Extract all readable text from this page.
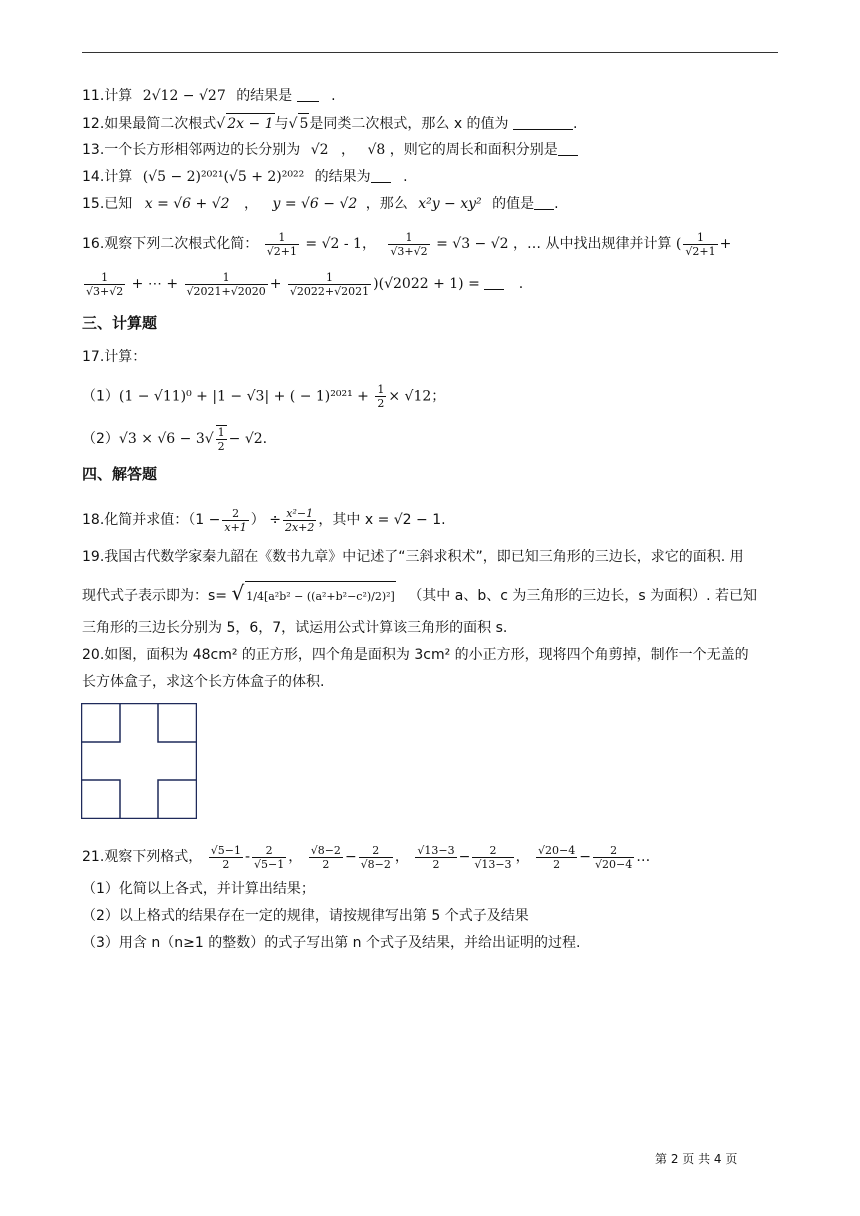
11.计算 2√12 − √27 的结果是	.
12.如果最简二次根式√ 2x − 1与√ 5是同类二次根式，那么 x 的值为	.
13.一个长方形相邻两边的长分别为 √2 ， √8 ，则它的周长和面积分别是
14.计算 (√5 − 2)²⁰²¹(√5 + 2)²⁰²² 的结果为 .
15.已知 x = √6 + √2 ， y = √6 − √2 ，那么 x²y − xy² 的值是 .
16.观察下列二次根式化简： $\frac{1}{√2+1} = √2 - 1$， $\frac{1}{√3+√2} = √3 - √2$ ，… 从中找出规律并计算 ( $\frac{1}{√2+1}$ +
$\frac{1}{√3+√2}$ + ⋯ + $\frac{1}{√2021+√2020} + \frac{1}{√2022+√2021} )(√2022 + 1)$ =	.
三、计算题
17.计算：
（1）(1 − √11)⁰ + |1 − √3| + ( − $1)^{2021} + \frac{1}{2} \times √12$；
$(2)√3 \times √6 - 3√ \frac{1}{2} - √2$.
四、解答题
18.化简并求值：（$1 - \frac{2}{x+1}$ ） ÷ $\frac{\text{x²−1}}{2x+2}$ ，其中 x = √2 − 1.
19.我国古代数学家秦九韶在《数书九章》中记述了“三斜求积术”，即已知三角形的三边长，求它的面积. 用
现代式子表示即为：s= √ 1/4[a²b² − ((a²+b²−c²)/2)²] （其中 a、b、c 为三角形的三边长，s 为面积）. 若已知
三角形的三边长分别为 5，6，7，试运用公式计算该三角形的面积 s.
20.如图，面积为 48cm² 的正方形，四个角是面积为 3cm² 的小正方形，现将四个角剪掉，制作一个无盖的
长方体盒子，求这个长方体盒子的体积.
21.观察下列格式， $\frac{√5-1}{2} - \frac{2}{√5-1}$ ， $\frac{√8-2}{2} - \frac{2}{√8-2}$ ， $\frac{√13-3}{2} - \frac{2}{√13-3}$ ， $\frac{√20-4}{2} - \frac{2}{√20-4}$ …
（1）化简以上各式，并计算出结果；
（2）以上格式的结果存在一定的规律，请按规律写出第 5 个式子及结果
（3）用含 n（n≥1 的整数）的式子写出第 n 个式子及结果，并给出证明的过程.
第 2 页 共 4 页
